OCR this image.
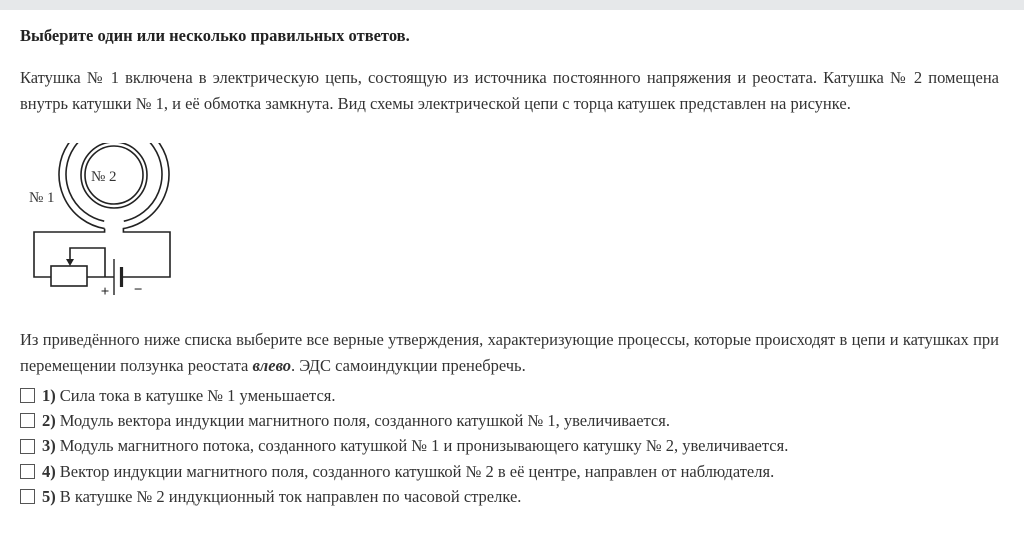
Выберите один или несколько правильных ответов.

Катушка № 1 включена в электрическую цепь, состоящую из источника постоянного напряжения и реостата. Катушка № 2 помещена внутрь катушки № 1, и её обмотка замкнута. Вид схемы электрической цепи с торца катушек представлен на рисунке.

№ 1
№ 2
+ −

Из приведённого ниже списка выберите все верные утверждения, характеризующие процессы, которые происходят в цепи и катушках при перемещении ползунка реостата влево. ЭДС самоиндукции пренебречь.

1) Сила тока в катушке № 1 уменьшается.
2) Модуль вектора индукции магнитного поля, созданного катушкой № 1, увеличивается.
3) Модуль магнитного потока, созданного катушкой № 1 и пронизывающего катушку № 2, увеличивается.
4) Вектор индукции магнитного поля, созданного катушкой № 2 в её центре, направлен от наблюдателя.
5) В катушке № 2 индукционный ток направлен по часовой стрелке.
